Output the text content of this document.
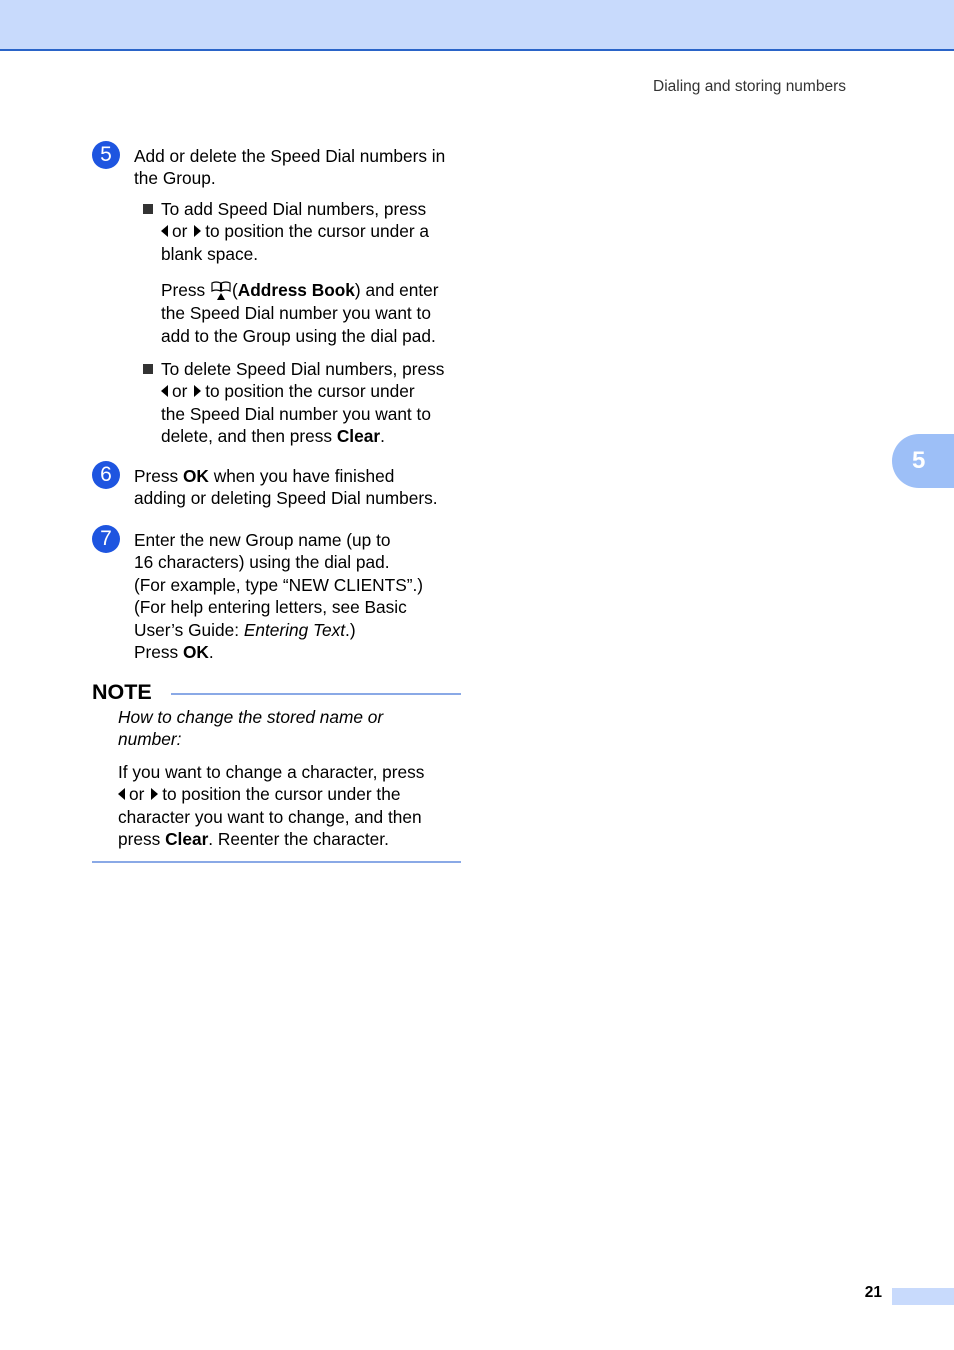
Dialing and storing numbers
5
5	Add or delete the Speed Dial numbers in
the Group.
To add Speed Dial numbers, press
or to position the cursor under a
blank space.
Press (Address Book) and enter
the Speed Dial number you want to
add to the Group using the dial pad.
To delete Speed Dial numbers, press
or to position the cursor under
the Speed Dial number you want to
delete, and then press Clear.
6	Press OK when you have finished
adding or deleting Speed Dial numbers.
7	Enter the new Group name (up to
16 characters) using the dial pad.
(For example, type “NEW CLIENTS”.)
(For help entering letters, see Basic
User’s Guide: Entering Text.)
Press OK.
NOTE
How to change the stored name or
number:
If you want to change a character, press
or to position the cursor under the
character you want to change, and then
press Clear. Reenter the character.
21
